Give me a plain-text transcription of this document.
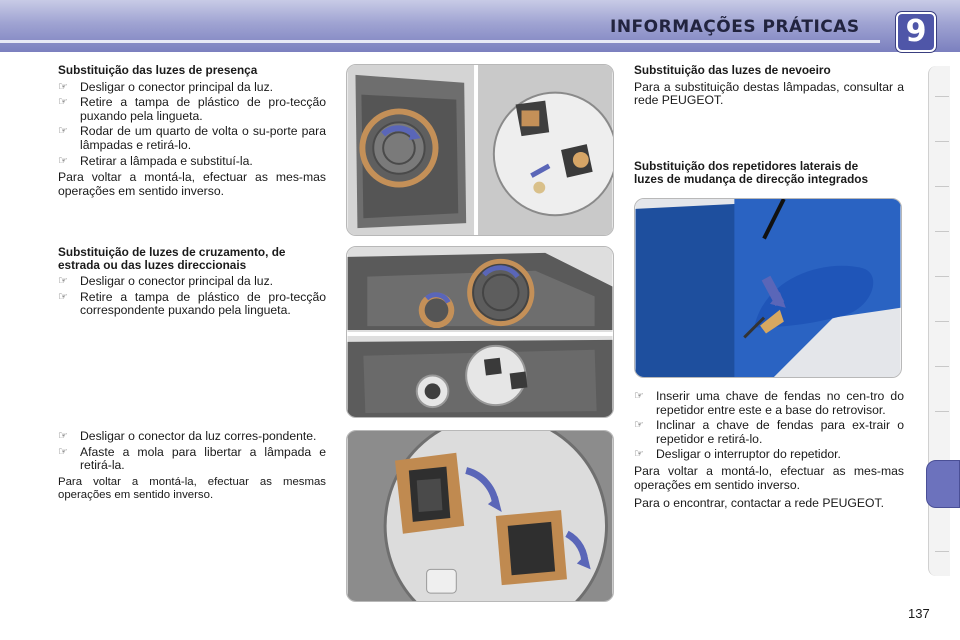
INFORMAÇÕES PRÁTICAS	9
Substituição das luzes de presença
☞ Desligar o conector principal da luz.
☞ Retire a tampa de plástico de pro-tecção puxando pela lingueta.
☞ Rodar de um quarto de volta o su-porte para lâmpadas e retirá-lo.
☞ Retirar a lâmpada e substituí-la.
Para voltar a montá-la, efectuar as mes-mas operações em sentido inverso.
Substituição de luzes de cruzamento, de estrada ou das luzes direccionais
☞ Desligar o conector principal da luz.
☞ Retire a tampa de plástico de pro-tecção correspondente puxando pela lingueta.
☞ Desligar o conector da luz corres-pondente.
☞ Afaste a mola para libertar a lâmpada e retirá-la.
Para voltar a montá-la, efectuar as mesmas operações em sentido inverso.
Substituição das luzes de nevoeiro
Para a substituição destas lâmpadas, consultar a rede PEUGEOT.
Substituição dos repetidores laterais de luzes de mudança de direcção integrados
☞ Inserir uma chave de fendas no cen-tro do repetidor entre este e a base do retrovisor.
☞ Inclinar a chave de fendas para ex-trair o repetidor e retirá-lo.
☞ Desligar o interruptor do repetidor.
Para voltar a montá-lo, efectuar as mes-mas operações em sentido inverso.
Para o encontrar, contactar a rede PEUGEOT.
137
